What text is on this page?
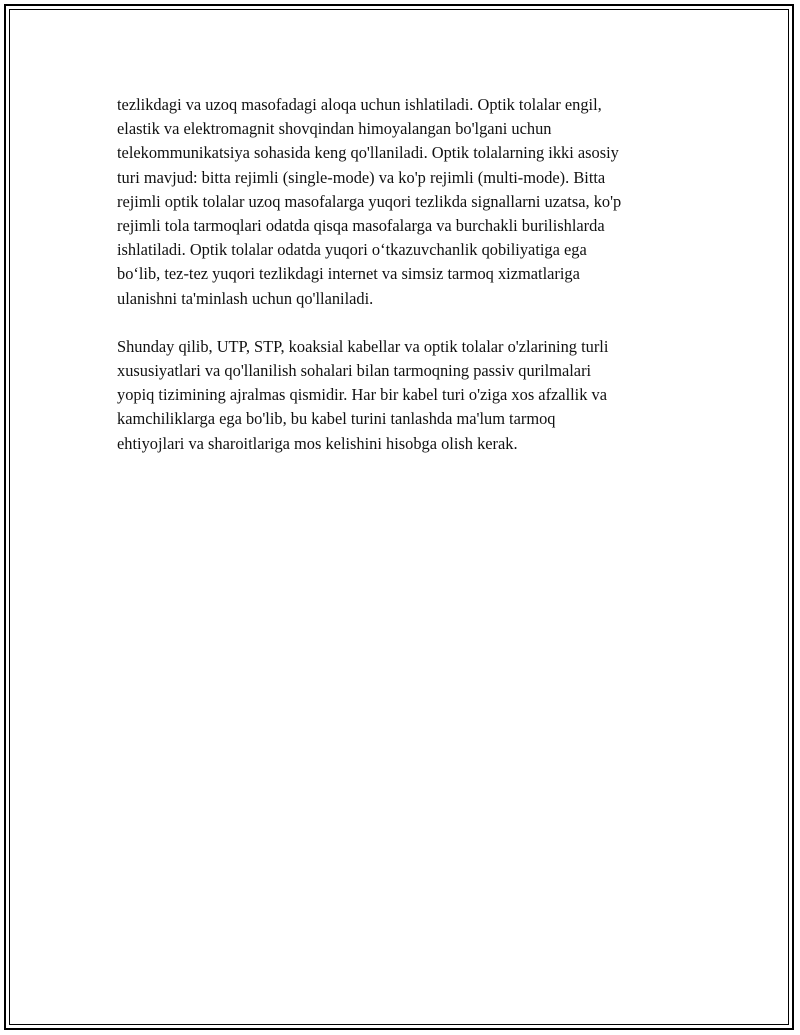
tezlikdagi va uzoq masofadagi aloqa uchun ishlatiladi. Optik tolalar engil,
elastik va elektromagnit shovqindan himoyalangan bo'lgani uchun
telekommunikatsiya sohasida keng qo'llaniladi. Optik tolalarning ikki asosiy
turi mavjud: bitta rejimli (single-mode) va ko'p rejimli (multi-mode). Bitta
rejimli optik tolalar uzoq masofalarga yuqori tezlikda signallarni uzatsa, ko'p
rejimli tola tarmoqlari odatda qisqa masofalarga va burchakli burilishlarda
ishlatiladi. Optik tolalar odatda yuqori o‘tkazuvchanlik qobiliyatiga ega
bo‘lib, tez-tez yuqori tezlikdagi internet va simsiz tarmoq xizmatlariga
ulanishni ta'minlash uchun qo'llaniladi.

Shunday qilib, UTP, STP, koaksial kabellar va optik tolalar o'zlarining turli
xususiyatlari va qo'llanilish sohalari bilan tarmoqning passiv qurilmalari
yopiq tizimining ajralmas qismidir. Har bir kabel turi o'ziga xos afzallik va
kamchiliklarga ega bo'lib, bu kabel turini tanlashda ma'lum tarmoq
ehtiyojlari va sharoitlariga mos kelishini hisobga olish kerak.
